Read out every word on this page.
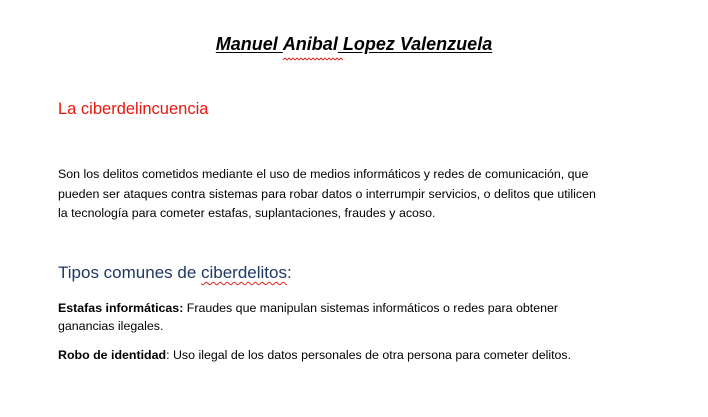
Manuel Anibal
Lopez Valenzuela
La ciberdelincuencia
Son los delitos cometidos mediante el uso de medios informáticos y redes de comunicación, que
pueden ser ataques contra sistemas para robar datos o interrumpir servicios, o delitos que utilicen
la tecnología para cometer estafas, suplantaciones, fraudes y acoso.
Tipos comunes de ciberdelitos:
Estafas informáticas: Fraudes que manipulan sistemas informáticos o redes para obtener
ganancias ilegales.
Robo de identidad: Uso ilegal de los datos personales de otra persona para cometer delitos.
